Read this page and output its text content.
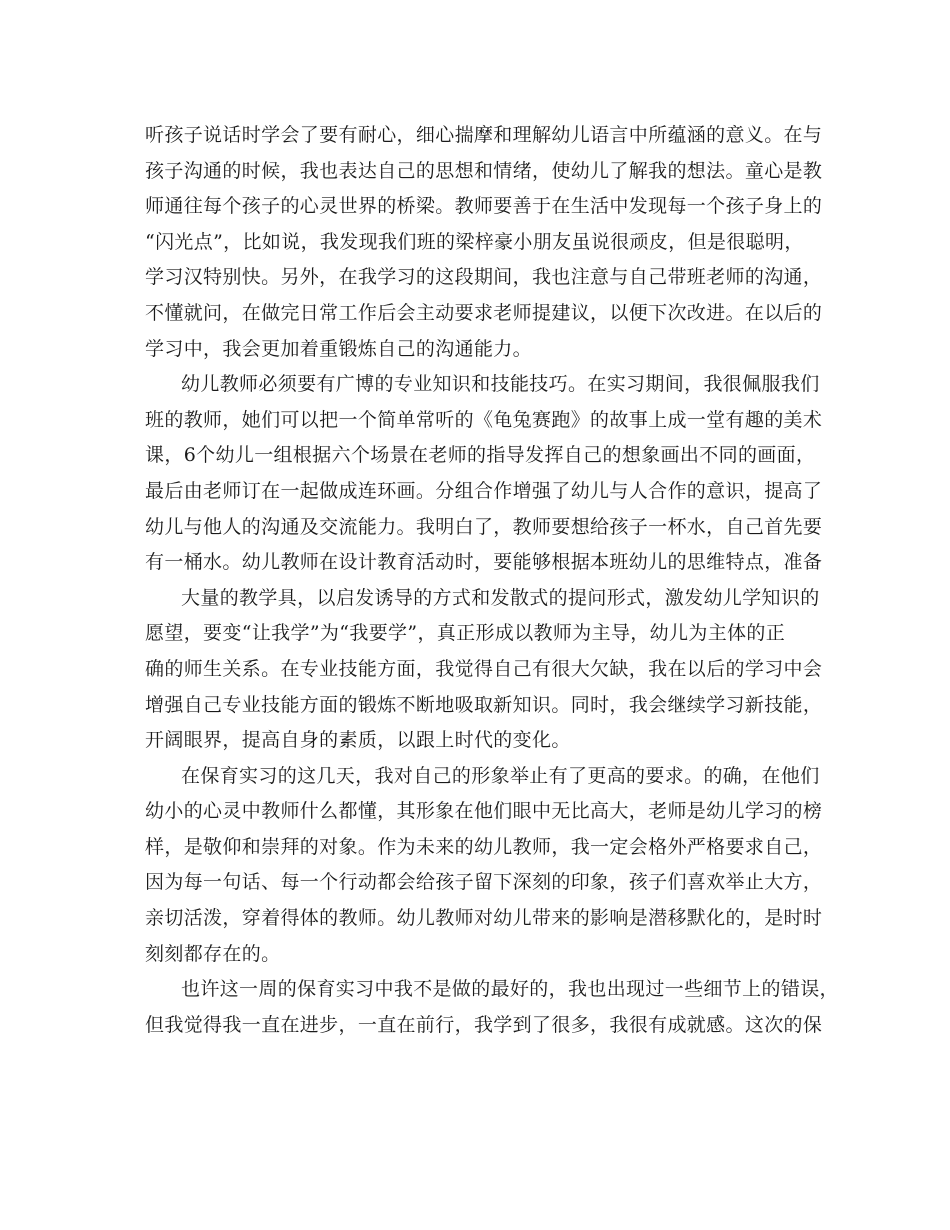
听孩子说话时学会了要有耐心，细心揣摩和理解幼儿语言中所蕴涵的意义。在与
孩子沟通的时候，我也表达自己的思想和情绪，使幼儿了解我的想法。童心是教
师通往每个孩子的心灵世界的桥梁。教师要善于在生活中发现每一个孩子身上的
“闪光点”，比如说，我发现我们班的梁梓豪小朋友虽说很顽皮，但是很聪明，
学习汉特别快。另外，在我学习的这段期间，我也注意与自己带班老师的沟通，
不懂就问，在做完日常工作后会主动要求老师提建议，以便下次改进。在以后的
学习中，我会更加着重锻炼自己的沟通能力。
幼儿教师必须要有广博的专业知识和技能技巧。在实习期间，我很佩服我们
班的教师，她们可以把一个简单常听的《龟兔赛跑》的故事上成一堂有趣的美术
课，6个幼儿一组根据六个场景在老师的指导发挥自己的想象画出不同的画面，
最后由老师订在一起做成连环画。分组合作增强了幼儿与人合作的意识，提高了
幼儿与他人的沟通及交流能力。我明白了，教师要想给孩子一杯水，自己首先要
有一桶水。幼儿教师在设计教育活动时，要能够根据本班幼儿的思维特点，准备
大量的教学具，以启发诱导的方式和发散式的提问形式，激发幼儿学知识的
愿望，要变“让我学”为“我要学”，真正形成以教师为主导，幼儿为主体的正
确的师生关系。在专业技能方面，我觉得自己有很大欠缺，我在以后的学习中会
增强自己专业技能方面的锻炼不断地吸取新知识。同时，我会继续学习新技能，
开阔眼界，提高自身的素质，以跟上时代的变化。
在保育实习的这几天，我对自己的形象举止有了更高的要求。的确，在他们
幼小的心灵中教师什么都懂，其形象在他们眼中无比高大，老师是幼儿学习的榜
样，是敬仰和崇拜的对象。作为未来的幼儿教师，我一定会格外严格要求自己，
因为每一句话、每一个行动都会给孩子留下深刻的印象，孩子们喜欢举止大方，
亲切活泼，穿着得体的教师。幼儿教师对幼儿带来的影响是潜移默化的，是时时
刻刻都存在的。
也许这一周的保育实习中我不是做的最好的，我也出现过一些细节上的错误，
但我觉得我一直在进步，一直在前行，我学到了很多，我很有成就感。这次的保
